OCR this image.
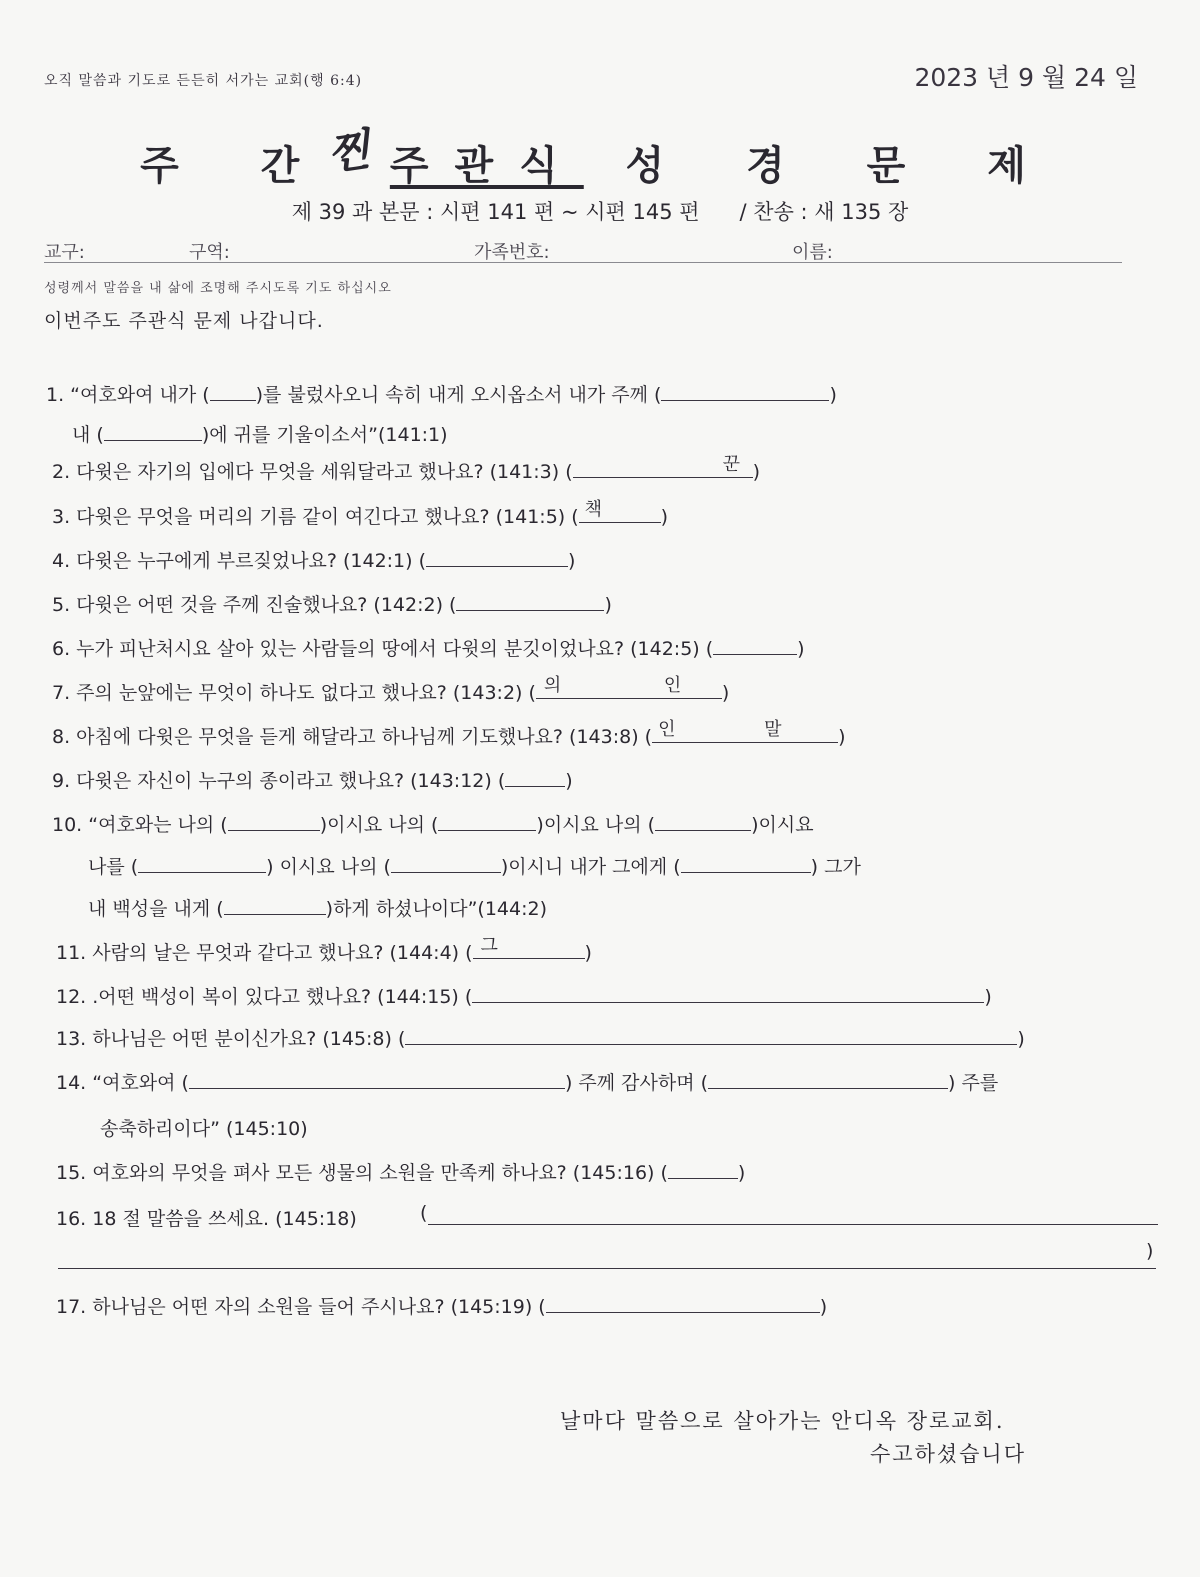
오직 말씀과 기도로 든든히 서가는 교회(행 6:4)	2023 년 9 월 24 일
주 간찐 주관식 성 경 문 제
제 39 과 본문 : 시편 141 편 ~ 시편 145 편 / 찬송 : 새 135 장
교구:	구역:	가족번호:	이름:
성령께서 말씀을 내 삶에 조명해 주시도록 기도 하십시오
이번주도 주관식 문제 나갑니다.
1. “여호와여 내가 ( )를 불렀사오니 속히 내게 오시옵소서 내가 주께 (	)
내 (	)에 귀를 기울이소서”(141:1)
2. 다윗은 자기의 입에다 무엇을 세워달라고 했나요? (141:3) (	꾼 )
3. 다윗은 무엇을 머리의 기름 같이 여긴다고 했나요? (141:5) ( 책	)
4. 다윗은 누구에게 부르짖었나요? (142:1) (	)
5. 다윗은 어떤 것을 주께 진술했나요? (142:2) (	)
6. 누가 피난처시요 살아 있는 사람들의 땅에서 다윗의 분깃이었나요? (142:5) (	)
7. 주의 눈앞에는 무엇이 하나도 없다고 했나요? (143:2) ( 의	인 )
8. 아침에 다윗은 무엇을 듣게 해달라고 하나님께 기도했나요? (143:8) ( 인	말	)
9. 다윗은 자신이 누구의 종이라고 했나요? (143:12) (	)
10. “여호와는 나의 (	)이시요 나의 (	)이시요 나의 (	)이시요
나를 (	) 이시요 나의 (	)이시니 내가 그에게 (	) 그가
내 백성을 내게 (	)하게 하셨나이다”(144:2)
11. 사람의 날은 무엇과 같다고 했나요? (144:4) ( 그	)
12. .어떤 백성이 복이 있다고 했나요? (144:15) (	)
13. 하나님은 어떤 분이신가요? (145:8) (	)
14. “여호와여 (	) 주께 감사하며 (	) 주를
송축하리이다” (145:10)
15. 여호와의 무엇을 펴사 모든 생물의 소원을 만족케 하나요? (145:16) (	)
16. 18 절 말씀을 쓰세요. (145:18)	(
)
17. 하나님은 어떤 자의 소원을 들어 주시나요? (145:19) (	)
날마다 말씀으로 살아가는 안디옥 장로교회.
수고하셨습니다
